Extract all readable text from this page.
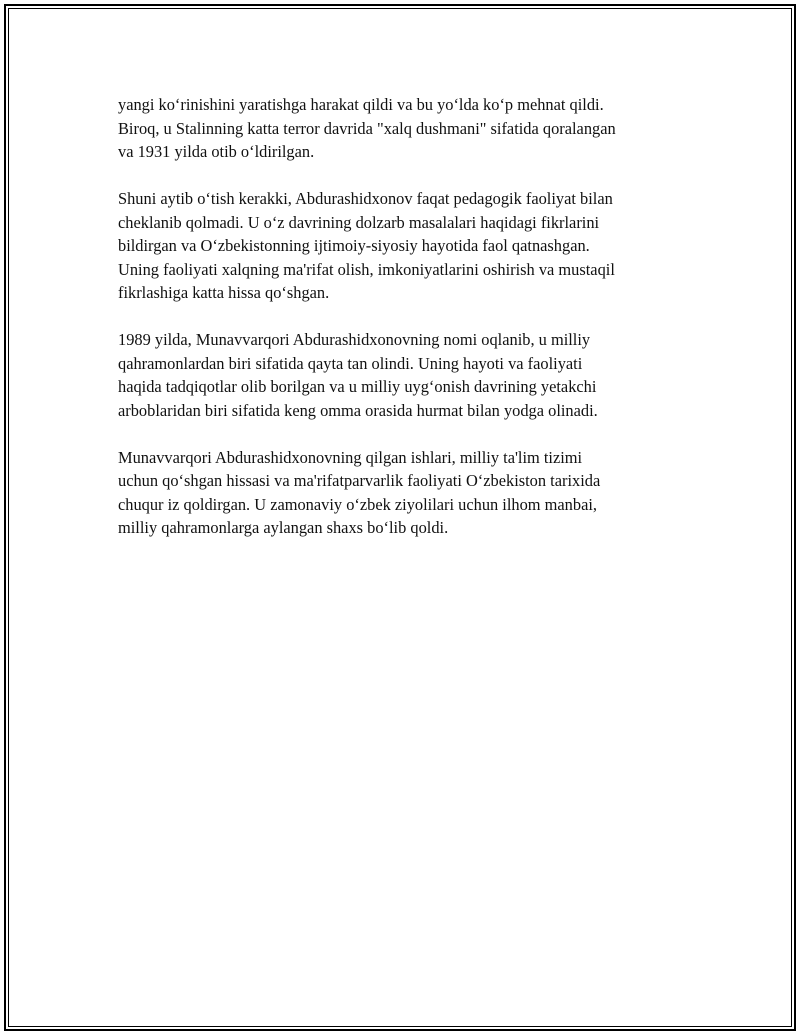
yangi ko‘rinishini yaratishga harakat qildi va bu yo‘lda ko‘p mehnat qildi.
Biroq, u Stalinning katta terror davrida "xalq dushmani" sifatida qoralangan
va 1931 yilda otib o‘ldirilgan.

Shuni aytib o‘tish kerakki, Abdurashidxonov faqat pedagogik faoliyat bilan
cheklanib qolmadi. U o‘z davrining dolzarb masalalari haqidagi fikrlarini
bildirgan va O‘zbekistonning ijtimoiy-siyosiy hayotida faol qatnashgan.
Uning faoliyati xalqning ma'rifat olish, imkoniyatlarini oshirish va mustaqil
fikrlashiga katta hissa qo‘shgan.

1989 yilda, Munavvarqori Abdurashidxonovning nomi oqlanib, u milliy
qahramonlardan biri sifatida qayta tan olindi. Uning hayoti va faoliyati
haqida tadqiqotlar olib borilgan va u milliy uyg‘onish davrining yetakchi
arboblaridan biri sifatida keng omma orasida hurmat bilan yodga olinadi.

Munavvarqori Abdurashidxonovning qilgan ishlari, milliy ta'lim tizimi
uchun qo‘shgan hissasi va ma'rifatparvarlik faoliyati O‘zbekiston tarixida
chuqur iz qoldirgan. U zamonaviy o‘zbek ziyolilari uchun ilhom manbai,
milliy qahramonlarga aylangan shaxs bo‘lib qoldi.
